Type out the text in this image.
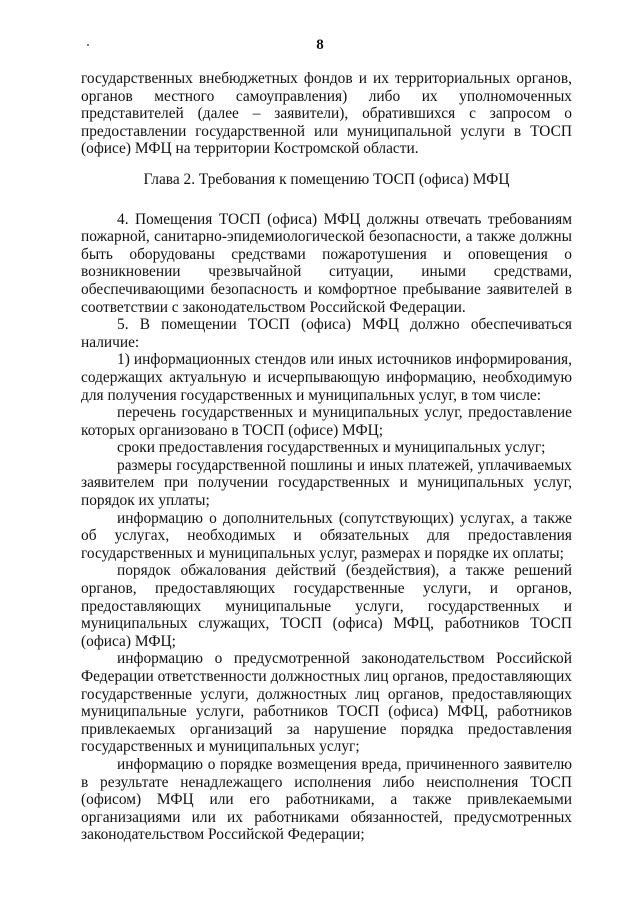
8

государственных внебюджетных фондов и их территориальных органов, органов местного самоуправления) либо их уполномоченных представителей (далее – заявители), обратившихся с запросом о предоставлении государственной или муниципальной услуги в ТОСП (офисе) МФЦ на территории Костромской области.

Глава 2. Требования к помещению ТОСП (офиса) МФЦ

4. Помещения ТОСП (офиса) МФЦ должны отвечать требованиям пожарной, санитарно-эпидемиологической безопасности, а также должны быть оборудованы средствами пожаротушения и оповещения о возникновении чрезвычайной ситуации, иными средствами, обеспечивающими безопасность и комфортное пребывание заявителей в соответствии с законодательством Российской Федерации.

5. В помещении ТОСП (офиса) МФЦ должно обеспечиваться наличие:

1) информационных стендов или иных источников информирования, содержащих актуальную и исчерпывающую информацию, необходимую для получения государственных и муниципальных услуг, в том числе:

перечень государственных и муниципальных услуг, предоставление которых организовано в ТОСП (офисе) МФЦ;

сроки предоставления государственных и муниципальных услуг;

размеры государственной пошлины и иных платежей, уплачиваемых заявителем при получении государственных и муниципальных услуг, порядок их уплаты;

информацию о дополнительных (сопутствующих) услугах, а также об услугах, необходимых и обязательных для предоставления государственных и муниципальных услуг, размерах и порядке их оплаты;

порядок обжалования действий (бездействия), а также решений органов, предоставляющих государственные услуги, и органов, предоставляющих муниципальные услуги, государственных и муниципальных служащих, ТОСП (офиса) МФЦ, работников ТОСП (офиса) МФЦ;

информацию о предусмотренной законодательством Российской Федерации ответственности должностных лиц органов, предоставляющих государственные услуги, должностных лиц органов, предоставляющих муниципальные услуги, работников ТОСП (офиса) МФЦ, работников привлекаемых организаций за нарушение порядка предоставления государственных и муниципальных услуг;

информацию о порядке возмещения вреда, причиненного заявителю в результате ненадлежащего исполнения либо неисполнения ТОСП (офисом) МФЦ или его работниками, а также привлекаемыми организациями или их работниками обязанностей, предусмотренных законодательством Российской Федерации;
